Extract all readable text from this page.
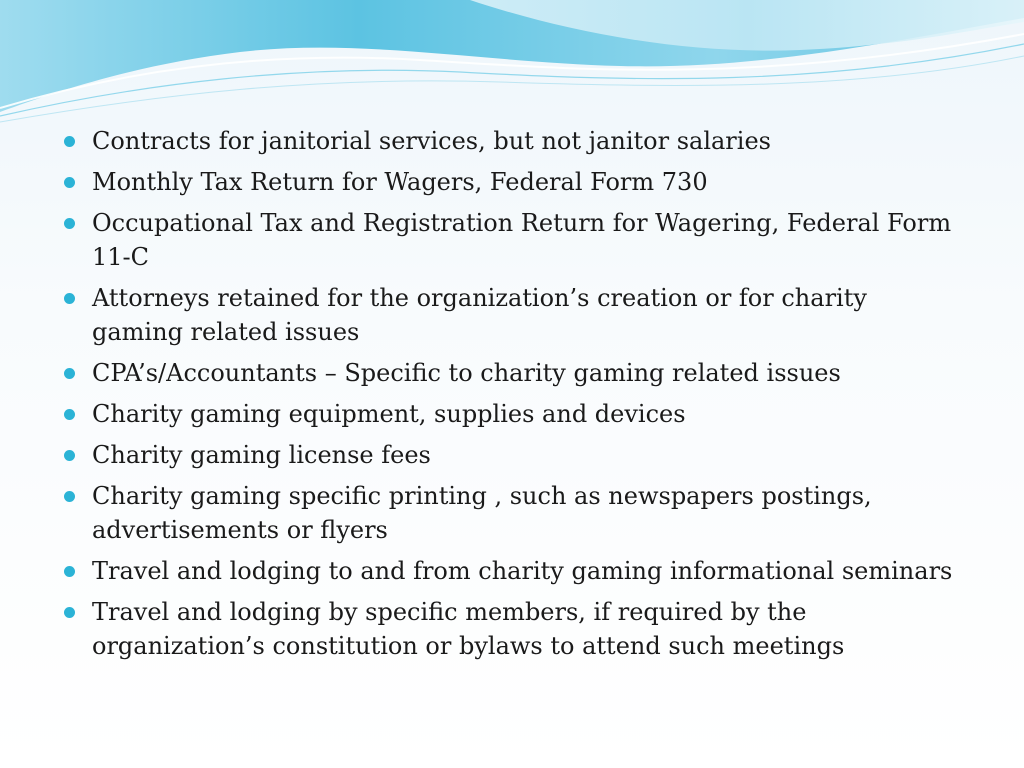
Contracts for janitorial services, but not janitor salaries
Monthly Tax Return for Wagers, Federal Form 730
Occupational Tax and Registration Return for Wagering, Federal Form 11-C
Attorneys retained for the organization’s creation or for charity gaming related issues
CPA’s/Accountants – Specific to charity gaming related issues
Charity gaming equipment, supplies and devices
Charity gaming license fees
Charity gaming specific printing , such as newspapers postings, advertisements or flyers
Travel and lodging to and from charity gaming informational seminars
Travel and lodging by specific members, if required by the organization’s constitution or bylaws to attend such meetings
